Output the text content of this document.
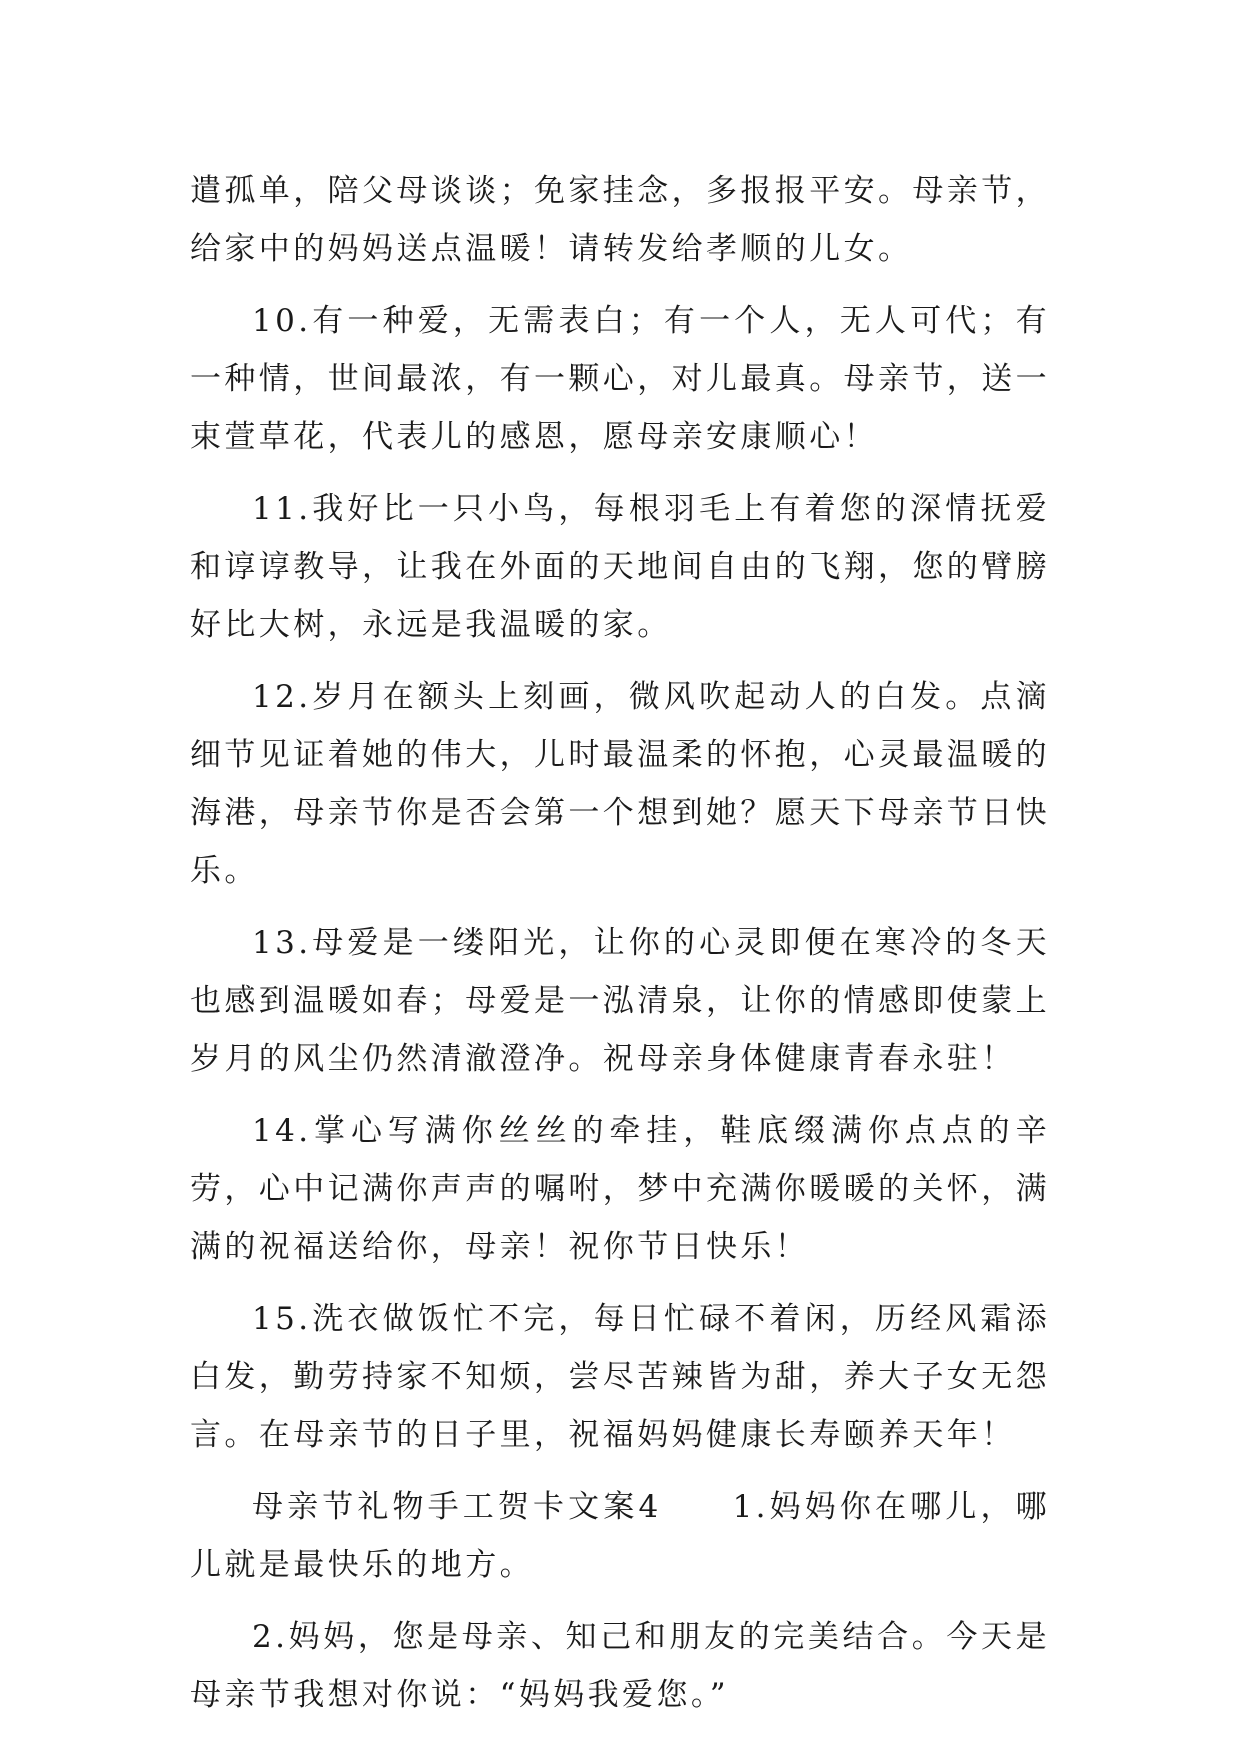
遣孤单，陪父母谈谈；免家挂念，多报报平安。母亲节，给家中的妈妈送点温暖！请转发给孝顺的儿女。

10.有一种爱，无需表白；有一个人，无人可代；有一种情，世间最浓，有一颗心，对儿最真。母亲节，送一束萱草花，代表儿的感恩，愿母亲安康顺心！

11.我好比一只小鸟，每根羽毛上有着您的深情抚爱和谆谆教导，让我在外面的天地间自由的飞翔，您的臂膀好比大树，永远是我温暖的家。

12.岁月在额头上刻画，微风吹起动人的白发。点滴细节见证着她的伟大，儿时最温柔的怀抱，心灵最温暖的海港，母亲节你是否会第一个想到她？愿天下母亲节日快乐。

13.母爱是一缕阳光，让你的心灵即便在寒冷的冬天也感到温暖如春；母爱是一泓清泉，让你的情感即使蒙上岁月的风尘仍然清澈澄净。祝母亲身体健康青春永驻！

14.掌心写满你丝丝的牵挂，鞋底缀满你点点的辛劳，心中记满你声声的嘱咐，梦中充满你暖暖的关怀，满满的祝福送给你，母亲！祝你节日快乐！

15.洗衣做饭忙不完，每日忙碌不着闲，历经风霜添白发，勤劳持家不知烦，尝尽苦辣皆为甜，养大子女无怨言。在母亲节的日子里，祝福妈妈健康长寿颐养天年！

母亲节礼物手工贺卡文案4　　1.妈妈你在哪儿，哪儿就是最快乐的地方。

2.妈妈，您是母亲、知己和朋友的完美结合。今天是母亲节我想对你说：“妈妈我爱您。”
